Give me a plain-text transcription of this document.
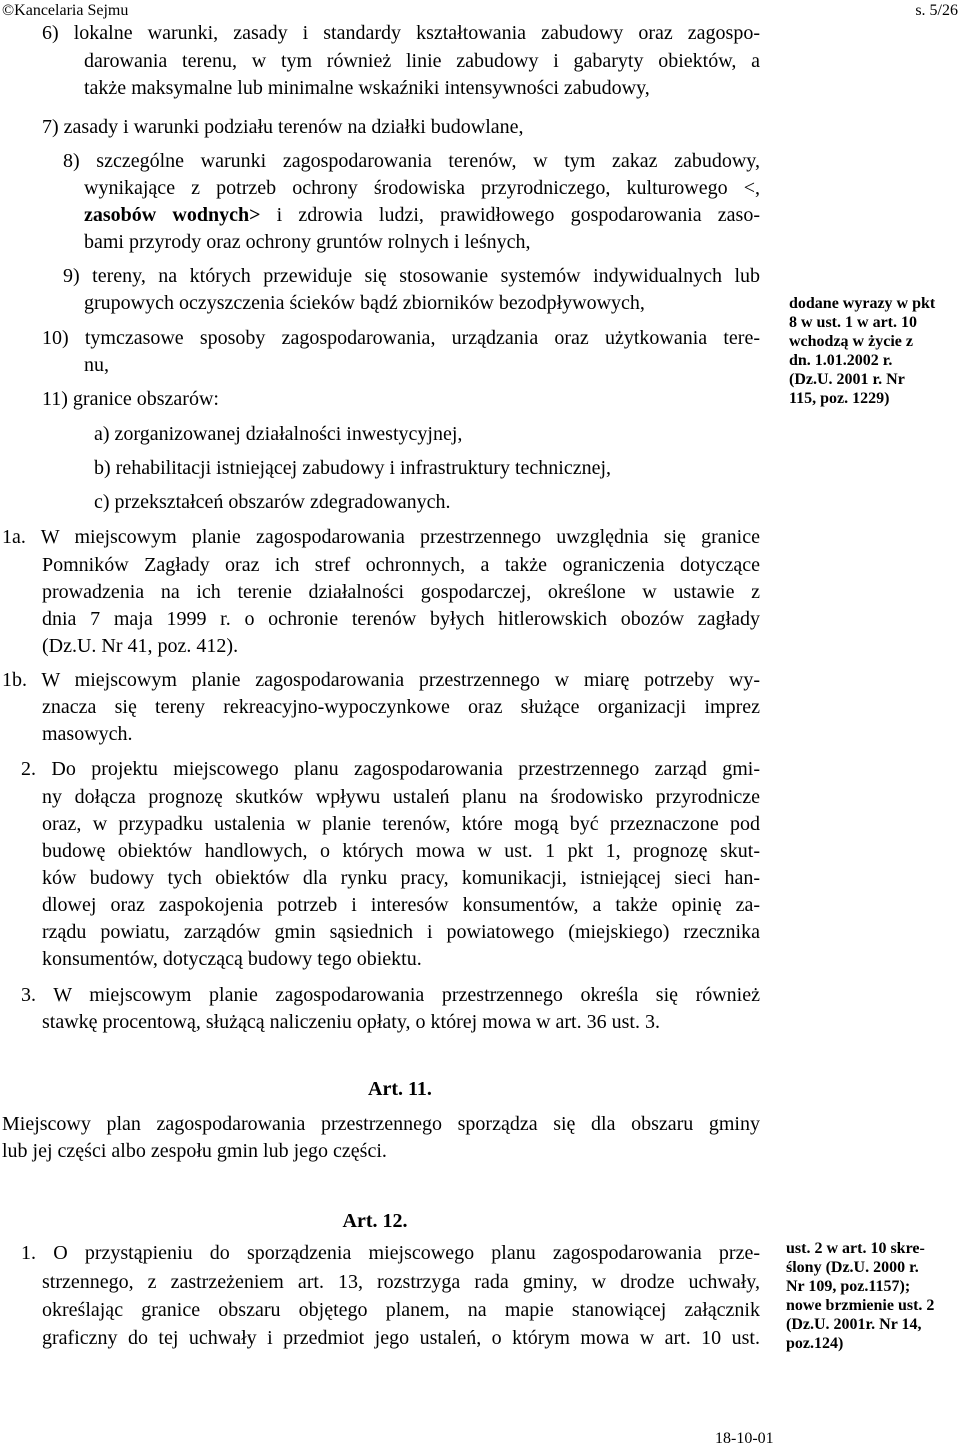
©Kancelaria Sejmu	s. 5/26
6) lokalne warunki, zasady i standardy kształtowania zabudowy oraz zagospo-
darowania terenu, w tym również linie zabudowy i gabaryty obiektów, a
także maksymalne lub minimalne wskaźniki intensywności zabudowy,
7) zasady i warunki podziału terenów na działki budowlane,
8) szczególne warunki zagospodarowania terenów, w tym zakaz zabudowy,
wynikające z potrzeb ochrony środowiska przyrodniczego, kulturowego <,
zasobów wodnych> i zdrowia ludzi, prawidłowego gospodarowania zaso-
bami przyrody oraz ochrony gruntów rolnych i leśnych,
9) tereny, na których przewiduje się stosowanie systemów indywidualnych lub
grupowych oczyszczenia ścieków bądź zbiorników bezodpływowych,
10) tymczasowe sposoby zagospodarowania, urządzania oraz użytkowania tere-
nu,
11) granice obszarów:
a) zorganizowanej działalności inwestycyjnej,
b) rehabilitacji istniejącej zabudowy i infrastruktury technicznej,
c) przekształceń obszarów zdegradowanych.
1a. W miejscowym planie zagospodarowania przestrzennego uwzględnia się granice
Pomników Zagłady oraz ich stref ochronnych, a także ograniczenia dotyczące
prowadzenia na ich terenie działalności gospodarczej, określone w ustawie z
dnia 7 maja 1999 r. o ochronie terenów byłych hitlerowskich obozów zagłady
(Dz.U. Nr 41, poz. 412).
1b. W miejscowym planie zagospodarowania przestrzennego w miarę potrzeby wy-
znacza się tereny rekreacyjno-wypoczynkowe oraz służące organizacji imprez
masowych.
2. Do projektu miejscowego planu zagospodarowania przestrzennego zarząd gmi-
ny dołącza prognozę skutków wpływu ustaleń planu na środowisko przyrodnicze
oraz, w przypadku ustalenia w planie terenów, które mogą być przeznaczone pod
budowę obiektów handlowych, o których mowa w ust. 1 pkt 1, prognozę skut-
ków budowy tych obiektów dla rynku pracy, komunikacji, istniejącej sieci han-
dlowej oraz zaspokojenia potrzeb i interesów konsumentów, a także opinię za-
rządu powiatu, zarządów gmin sąsiednich i powiatowego (miejskiego) rzecznika
konsumentów, dotyczącą budowy tego obiektu.
3. W miejscowym planie zagospodarowania przestrzennego określa się również
stawkę procentową, służącą naliczeniu opłaty, o której mowa w art. 36 ust. 3.
Art. 11.
Miejscowy plan zagospodarowania przestrzennego sporządza się dla obszaru gminy
lub jej części albo zespołu gmin lub jego części.
Art. 12.
1. O przystąpieniu do sporządzenia miejscowego planu zagospodarowania prze-
strzennego, z zastrzeżeniem art. 13, rozstrzyga rada gminy, w drodze uchwały,
określając granice obszaru objętego planem, na mapie stanowiącej załącznik
graficzny do tej uchwały i przedmiot jego ustaleń, o którym mowa w art. 10 ust.
dodane wyrazy w pkt
8 w ust. 1 w art. 10
wchodzą w życie z
dn. 1.01.2002 r.
(Dz.U. 2001 r. Nr
115, poz. 1229)
ust. 2 w art. 10 skre-
ślony (Dz.U. 2000 r.
Nr 109, poz.1157);
nowe brzmienie ust. 2
(Dz.U. 2001r. Nr 14,
poz.124)
18-10-01
